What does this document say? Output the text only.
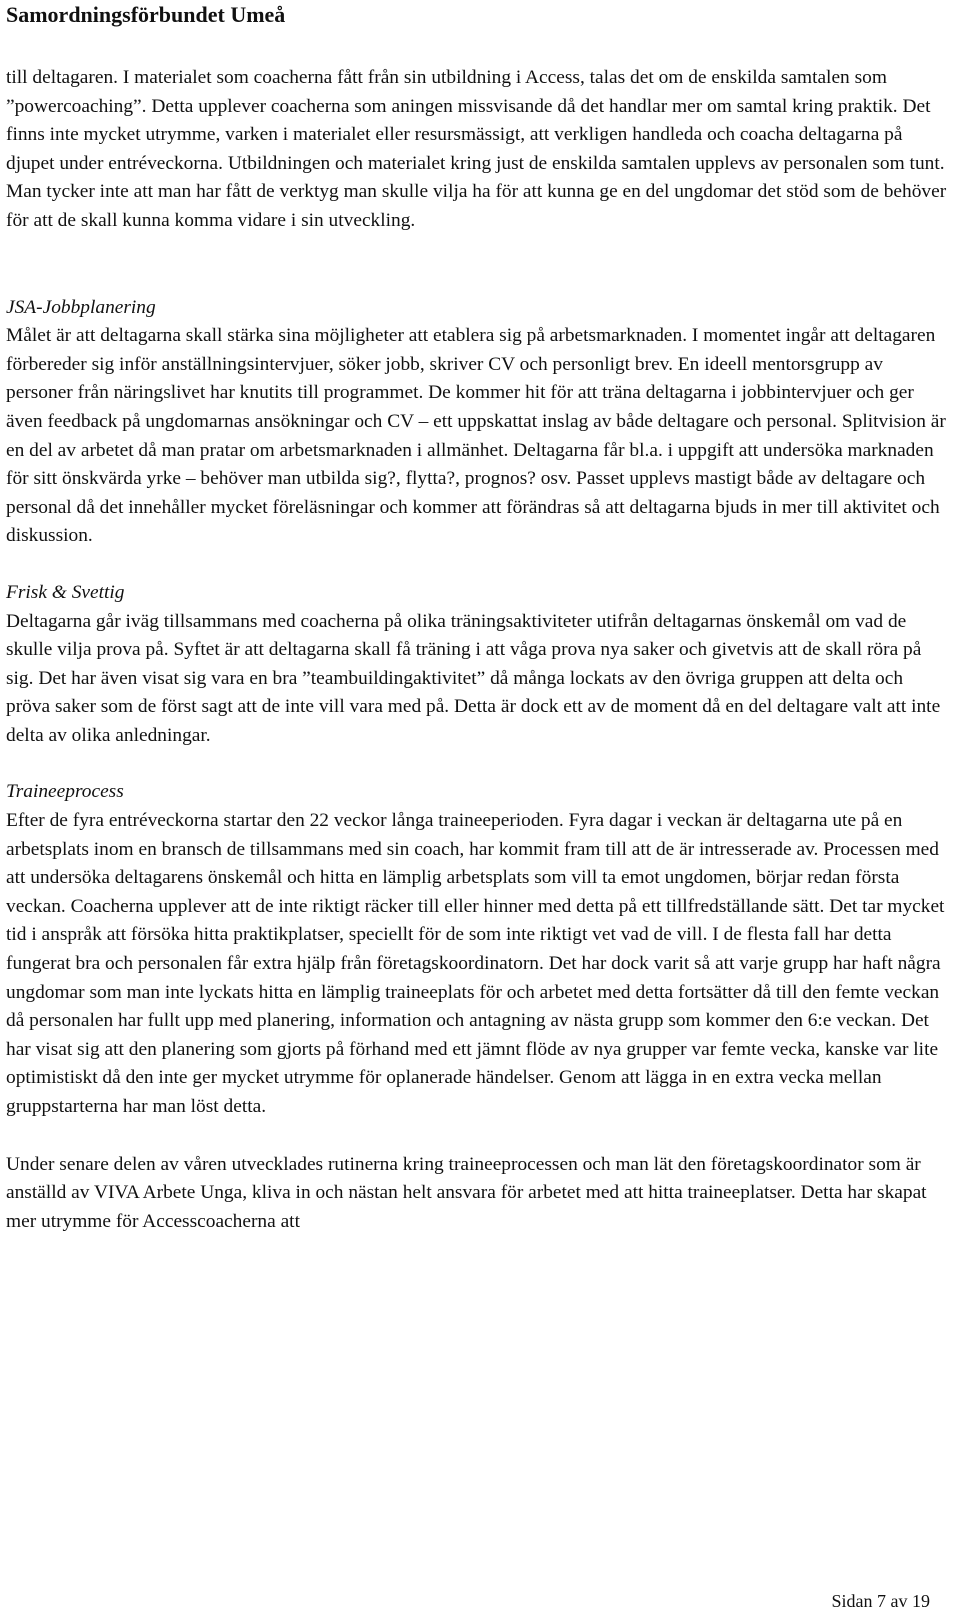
Samordningsförbundet Umeå

till deltagaren. I materialet som coacherna fått från sin utbildning i Access, talas det om de enskilda samtalen som ”powercoaching”. Detta upplever coacherna som aningen missvisande då det handlar mer om samtal kring praktik. Det finns inte mycket utrymme, varken i materialet eller resursmässigt, att verkligen handleda och coacha deltagarna på djupet under entréveckorna. Utbildningen och materialet kring just de enskilda samtalen upplevs av personalen som tunt. Man tycker inte att man har fått de verktyg man skulle vilja ha för att kunna ge en del ungdomar det stöd som de behöver för att de skall kunna komma vidare i sin utveckling.

JSA-Jobbplanering

Målet är att deltagarna skall stärka sina möjligheter att etablera sig på arbetsmarknaden. I momentet ingår att deltagaren förbereder sig inför anställningsintervjuer, söker jobb, skriver CV och personligt brev. En ideell mentorsgrupp av personer från näringslivet har knutits till programmet. De kommer hit för att träna deltagarna i jobbintervjuer och ger även feedback på ungdomarnas ansökningar och CV – ett uppskattat inslag av både deltagare och personal. Splitvision är en del av arbetet då man pratar om arbetsmarknaden i allmänhet. Deltagarna får bl.a. i uppgift att undersöka marknaden för sitt önskvärda yrke – behöver man utbilda sig?, flytta?, prognos? osv. Passet upplevs mastigt både av deltagare och personal då det innehåller mycket föreläsningar och kommer att förändras så att deltagarna bjuds in mer till aktivitet och diskussion.

Frisk & Svettig

Deltagarna går iväg tillsammans med coacherna på olika träningsaktiviteter utifrån deltagarnas önskemål om vad de skulle vilja prova på. Syftet är att deltagarna skall få träning i att våga prova nya saker och givetvis att de skall röra på sig. Det har även visat sig vara en bra ”teambuildingaktivitet” då många lockats av den övriga gruppen att delta och pröva saker som de först sagt att de inte vill vara med på. Detta är dock ett av de moment då en del deltagare valt att inte delta av olika anledningar.

Traineeprocess

Efter de fyra entréveckorna startar den 22 veckor långa traineeperioden. Fyra dagar i veckan är deltagarna ute på en arbetsplats inom en bransch de tillsammans med sin coach, har kommit fram till att de är intresserade av. Processen med att undersöka deltagarens önskemål och hitta en lämplig arbetsplats som vill ta emot ungdomen, börjar redan första veckan. Coacherna upplever att de inte riktigt räcker till eller hinner med detta på ett tillfredställande sätt. Det tar mycket tid i anspråk att försöka hitta praktikplatser, speciellt för de som inte riktigt vet vad de vill. I de flesta fall har detta fungerat bra och personalen får extra hjälp från företagskoordinatorn. Det har dock varit så att varje grupp har haft några ungdomar som man inte lyckats hitta en lämplig traineeplats för och arbetet med detta fortsätter då till den femte veckan då personalen har fullt upp med planering, information och antagning av nästa grupp som kommer den 6:e veckan. Det har visat sig att den planering som gjorts på förhand med ett jämnt flöde av nya grupper var femte vecka, kanske var lite optimistiskt då den inte ger mycket utrymme för oplanerade händelser. Genom att lägga in en extra vecka mellan gruppstarterna har man löst detta.

Under senare delen av våren utvecklades rutinerna kring traineeprocessen och man lät den företagskoordinator som är anställd av VIVA Arbete Unga, kliva in och nästan helt ansvara för arbetet med att hitta traineeplatser. Detta har skapat mer utrymme för Accesscoacherna att

Sidan 7 av 19
